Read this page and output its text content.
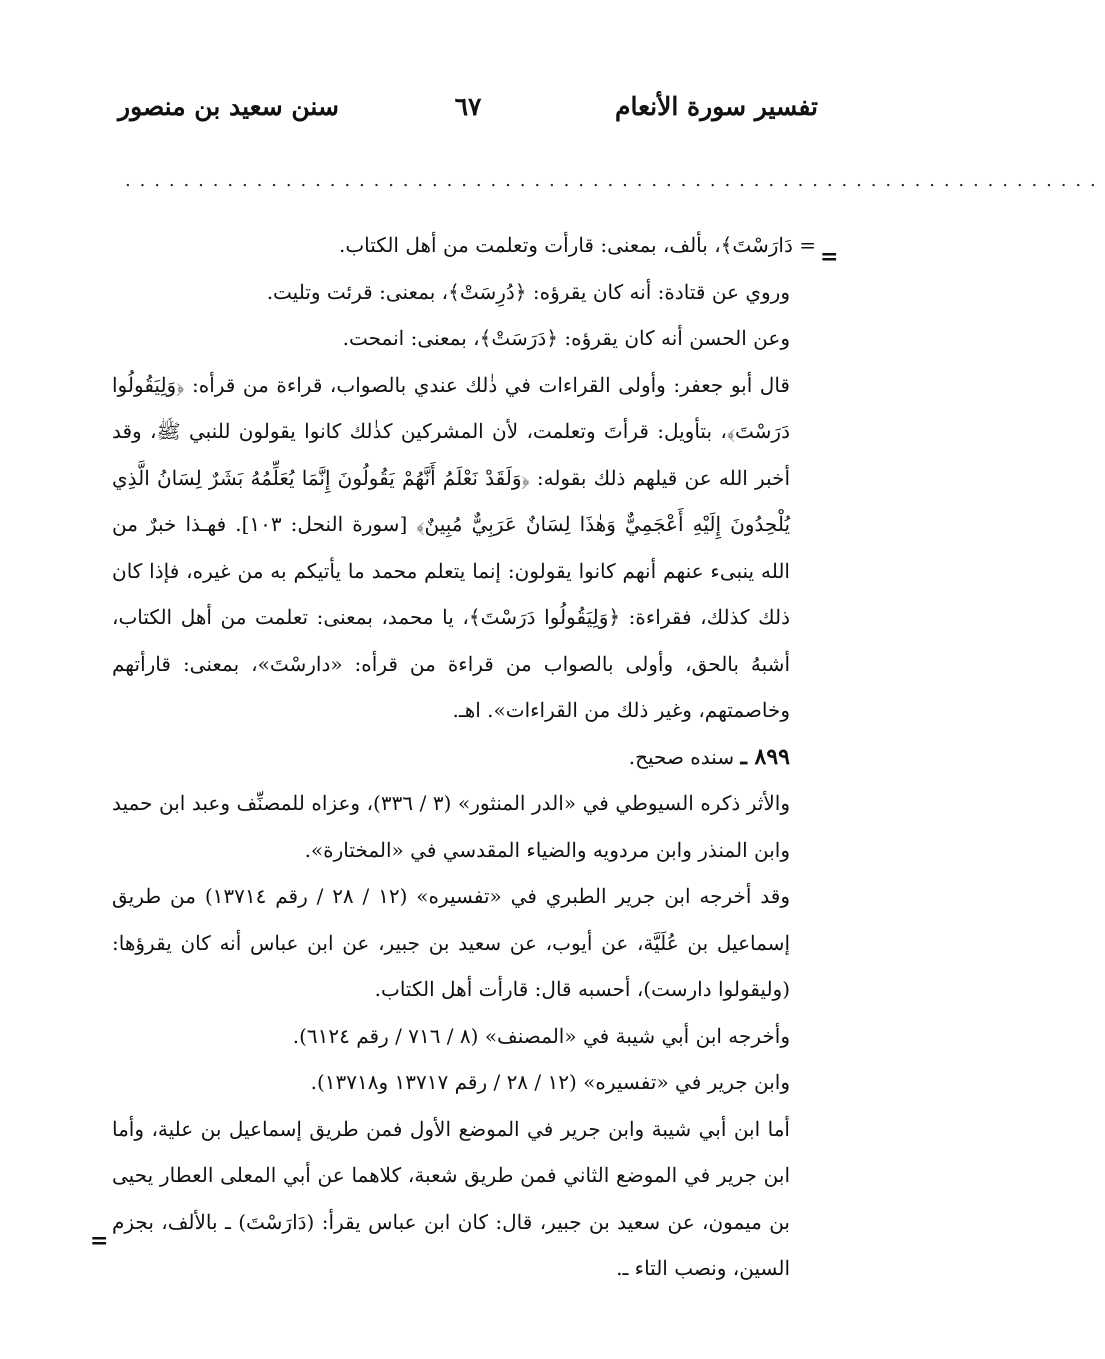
تفسير سورة الأنعام
٦٧
سنن سعيد بن منصور
...................................................................
=
=

= دَارَسْتَ﴾، بألف، بمعنى: قارأت وتعلمت من أهل الكتاب.

وروي عن قتادة: أنه كان يقرؤه: ﴿دُرِسَتْ﴾، بمعنى: قرئت وتليت.

وعن الحسن أنه كان يقرؤه: ﴿دَرَسَتْ﴾، بمعنى: انمحت.

قال أبو جعفر: وأولى القراءات في ذٰلك عندي بالصواب، قراءة من قرأه: ﴿وَلِيَقُولُوا دَرَسْتَ﴾، بتأويل: قرأتَ وتعلمت، لأن المشركين كذٰلك كانوا يقولون للنبي ﷺ، وقد أخبر الله عن قيلهم ذلك بقوله: ﴿وَلَقَدْ نَعْلَمُ أَنَّهُمْ يَقُولُونَ إِنَّمَا يُعَلِّمُهُ بَشَرٌ لِسَانُ الَّذِي يُلْحِدُونَ إِلَيْهِ أَعْجَمِيٌّ وَهٰذَا لِسَانٌ عَرَبِيٌّ مُبِينٌ﴾ [سورة النحل: ١٠٣]. فهـذا خبرٌ من الله ينبىء عنهم أنهم كانوا يقولون: إنما يتعلم محمد ما يأتيكم به من غيره، فإذا كان ذلك كذلك، فقراءة: ﴿وَلِيَقُولُوا دَرَسْتَ﴾، يا محمد، بمعنى: تعلمت من أهل الكتاب، أشبهُ بالحق، وأولى بالصواب من قراءة من قرأه: «دارسْتَ»، بمعنى: قارأتهم وخاصمتهم، وغير ذلك من القراءات». اهـ.

٨٩٩ ـ سنده صحيح.

والأثر ذكره السيوطي في «الدر المنثور» (٣ / ٣٣٦)، وعزاه للمصنِّف وعبد ابن حميد وابن المنذر وابن مردويه والضياء المقدسي في «المختارة».

وقد أخرجه ابن جرير الطبري في «تفسيره» (١٢ / ٢٨ / رقم ١٣٧١٤) من طريق إسماعيل بن عُلَيَّة، عن أيوب، عن سعيد بن جبير، عن ابن عباس أنه كان يقرؤها: (وليقولوا دارست)، أحسبه قال: قارأت أهل الكتاب.

وأخرجه ابن أبي شيبة في «المصنف» (٨ / ٧١٦ / رقم ٦١٢٤).

وابن جرير في «تفسيره» (١٢ / ٢٨ / رقم ١٣٧١٧ و١٣٧١٨).

أما ابن أبي شيبة وابن جرير في الموضع الأول فمن طريق إسماعيل بن علية، وأما ابن جرير في الموضع الثاني فمن طريق شعبة، كلاهما عن أبي المعلى العطار يحيى بن ميمون، عن سعيد بن جبير، قال: كان ابن عباس يقرأ: (دَارَسْتَ) ـ بالألف، بجزم السين، ونصب التاء ـ.
